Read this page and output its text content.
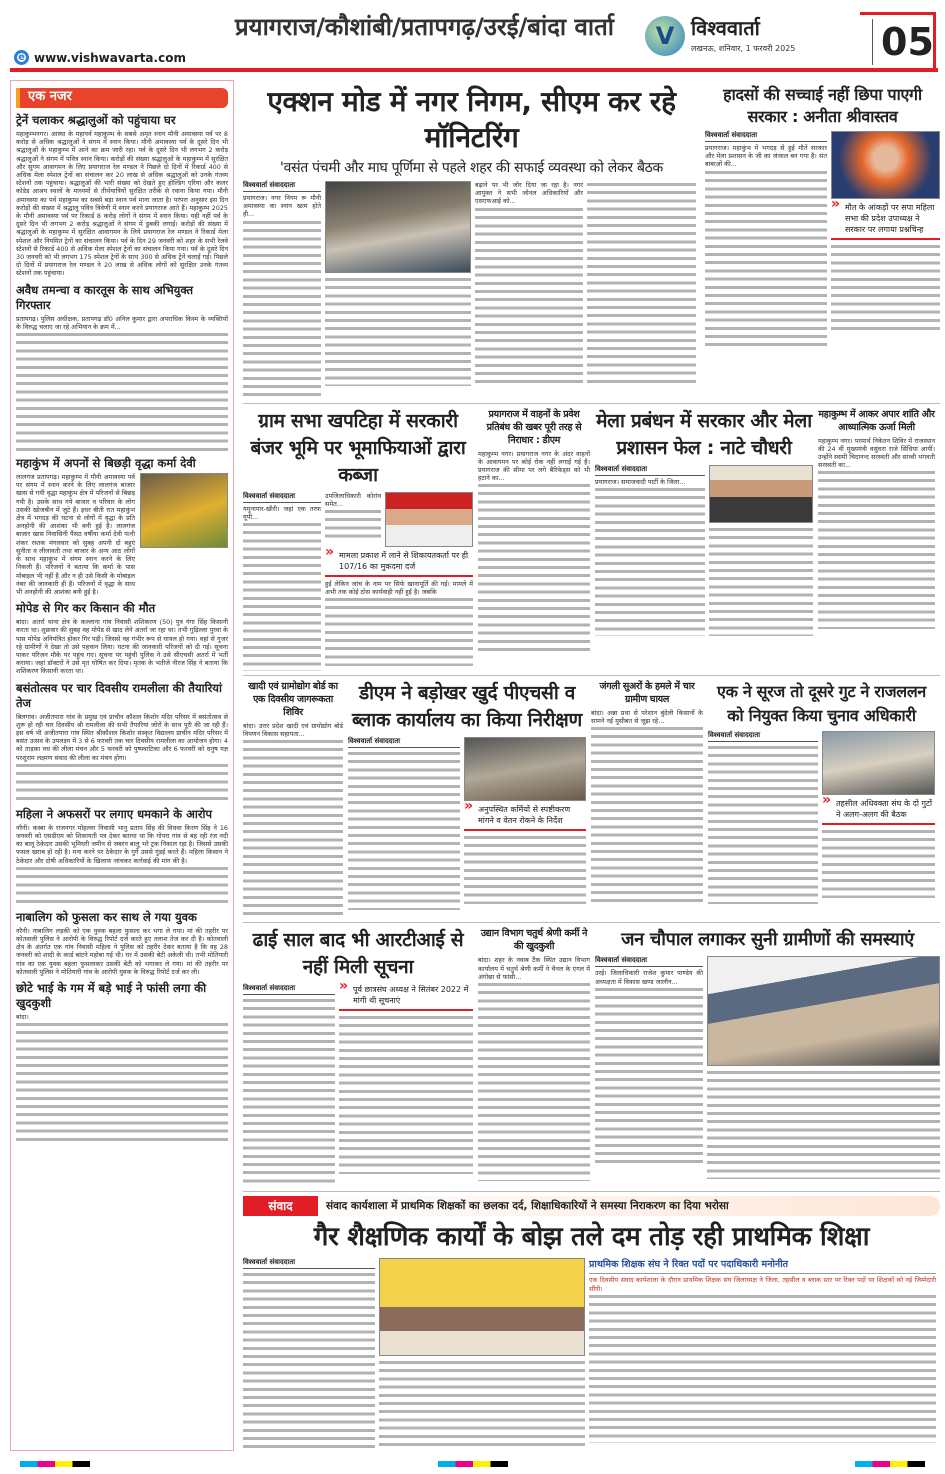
प्रयागराज/कौशांबी/प्रतापगढ़/उरई/बांदा वार्ता
e www.vishwavarta.com
V विश्ववार्ता
लखनऊ, शनिवार, 1 फरवरी 2025 05
एक नजर
ट्रेनें चलाकर श्रद्धालुओं को पहुंचाया घर

महाकुम्भनगर। आस्था के महापर्व महाकुम्भ के सबसे अमृत स्नान मौनी अमावस्या पर्व पर 8 करोड़ से अधिक श्रद्धालुओं ने संगम में स्नान किया। मौनी अमावस्या पर्व के दूसरे दिन भी श्रद्धालुओं के महाकुम्भ में आने का क्रम जारी रहा। पर्व के दूसरे दिन भी लगभग 2 करोड़ श्रद्धालुओं ने संगम में पवित्र स्नान किया। करोड़ों की संख्या श्रद्धालुओं के महाकुम्भ में सुरक्षित और सुगम आवागमन के लिए प्रयागराज रेल मण्डल ने पिछले दो दिनों में रिकार्ड 400 से अधिक मेला स्पेशल ट्रेनों का संचालन कर 20 लाख से अधिक श्रद्धालुओं को उनके गंतव्य स्टेशनों तक पहुंचाया। श्रद्धालुओं की भारी संख्या को देखते हुए होल्डिंग एरिया और कलर कोडेड आश्रय स्थलों के माध्यमों से तीर्थयात्रियों सुरक्षित तरीके से रवाना किया गया। मौनी अमावस्या का पर्व महाकुम्भ का सबसे बड़ा स्नान पर्व माना जाता है। परंपरा अनुसार इस दिन करोड़ों की संख्या में श्रद्धालु पवित्र त्रिवेणी में स्नान करने प्रयागराज आते हैं। महाकुम्भ 2025 के मौनी अमावस्या पर्व पर रिकार्ड 8 करोड़ लोगों ने संगम में स्नान किया। यही नहीं पर्व के दूसरे दिन भी लगभग 2 करोड़ श्रद्धालुओं ने संगम में डुबकी लगाई। करोड़ों की संख्या में श्रद्धालुओं के महाकुम्भ में सुरक्षित आवागमन के लिये प्रयागराज रेल मण्डल ने रिकार्ड मेला स्पेशल और नियमित ट्रेनों का संचालन किया। पर्व के दिन 29 जनवरी को शहर के सभी रेलवे स्टेशनों से रिकार्ड 400 से अधिक मेला स्पेशल ट्रेनों का संचालन किया गया। पर्व के दूसरे दिन 30 जनवरी को भी लगभग 175 स्पेशल ट्रेनों के साथ 300 से अधिक ट्रेनें चलाई गईं। पिछले दो दिनों में प्रयागराज रेल मण्डल ने 20 लाख से अधिक लोगों को सुरक्षित उनके गंतव्य स्टेशनों तक पहुंचाया।

अवैध तमन्चा व कारतूस के साथ अभियुक्त गिरफ्तार

प्रतापगढ़। पुलिस अधीक्षक, प्रतापगढ़ डॉ0 अनिल कुमार द्वारा अपराधिक किस्म के व्यक्तियों के विरुद्ध चलाए जा रहे अभियान के क्रम में...

महाकुंभ में अपनों से बिछड़ी वृद्धा कर्मा देवी

लालगंज प्रतापगढ़। महाकुम्भ में मौनी अमावस्या पर्व पर संगम में स्नान करने के लिए लालगंज बाजार खास से गयी वृद्धा महाकुंभ क्षेत्र में परिजनों से बिछड़ गयी है। उसके साथ गये बाजार व परिवार के लोग उसकी खोजबीन में जुटे हैं। इधर बीती रात महाकुंभ क्षेत्र में भगदड़ की घटना से लोगों में वृद्धा के प्रति अनहोनी की आशंका भी बनी हुई है। लालगंज बाजार खास निवासिनी पैंसठ वर्षीया कर्मा देवी पत्नी शंकर रस्तक मंगलवार को सुबह अपनी दो बहुएं सुनीता व लीलावती तथा बाजार के अन्य आठ लोगों के साथ महाकुंभ में संगम स्नान करने के लिए निकली हैं। परिजनों ने बताया कि कर्मा के पास मोबाइल भी नहीं है और न ही उसे किसी के मोबाइल नंबर की जानकारी ही है। परिजनों में वृद्धा के साथ भी अनहोनी की आशंका बनी हुई है।

मोपेड से गिर कर किसान की मौत

बांदा। अतर्रा थाना क्षेत्र के कल्लाना गांव निवासी शशिकरण (50) पुत्र गंगा सिंह किसानी करता था। शुक्रवार की सुबह वह मोपेड से खाद लेने अतर्रा जा रहा था। तभी गुढ़िल्ला पुरवा के पास मोपेड अनियंत्रित होकर गिर पड़ी। जिससे वह गंभीर रूप से घायल हो गया। वहां से गुजर रहे ग्रामीणों ने देखा तो उसे पहचान लिया। घटना की जानकारी परिजनों को दी गई। सूचना पाकर परिजन मौके पर पहुंच गए। सूचना पर पहुंची पुलिस ने उसे सीएचसी अतर्रा में भर्ती कराया। जहां डॉक्टरों ने उसे मृत घोषित कर दिया। मृतक के भतीजे नीरज सिंह ने बताया कि शशिकरण किसानी करता था।

बसंतोत्सव पर चार दिवसीय रामलीला की तैयारियां तेज

बिलगांव। अजीतपारा गांव के प्रमुख एवं प्राचीन कौशल किशोर मंदिर परिसर में बसंतोत्सव से शुरू हो रही चार दिवसीय श्री रामलीला की सभी तैयारियां जोरों के साथ पूरी की जा रही हैं। इस वर्ष भी अजीतपारा गांव स्थित श्रीकौशल किशोर संस्कृत विद्यालय प्राचीन मंदिर परिसर में बसंत उत्सव के उपलक्ष्य में 3 से 6 फरवरी तक चार दिवसीय रामलीला का आयोजन होगा। 4 को ताड़का वध की लीला मंचन और 5 फरवरी को पुष्पवाटिका और 6 फरवरी को धनुष यज्ञ परशुराम लक्ष्मण संवाद की लीला का मंचन होगा।

महिला ने अफसरों पर लगाए धमकाने के आरोप

नरैनी। कस्बा के राजनगर मोहल्ला निवासी भानु प्रताप सिंह की विधवा किरण सिंह ने 16 जनवरी को एसडीएम को शिकायती पत्र देकर बताया था कि गोपरा गांव से बह रही रंज नदी का बालू ठेकेदार उसकी भूमिधरी जमीन से जबरन बालू भरे ट्रक निकाल रहा है। जिससे उसकी फसल खराब हो रही है। मना करने पर ठेकेदार के गुर्गे उससे गुंडई करते हैं। महिला किसान ने ठेकेदार और दोषी अधिकारियों के खिलाफ जांचकर कार्रवाई की मांग की है।

नाबालिग को फुसला कर साथ ले गया युवक

नरैनी। नाबालिग लड़की को एक युवक बहला फुसला कर भगा ले गया। मां की तहरीर पर कोतवाली पुलिस ने आरोपी के विरुद्ध रिपोर्ट दर्ज करते हुए तलाश तेज कर दी है। कोतवाली क्षेत्र के अंतर्गत एक गांव निवासी महिला ने पुलिस को तहरीर देकर बताया है कि वह 28 जनवरी को शादी के कार्ड बांटने महोबा गई थी। घर में उसकी बेटी अकेली थी। तभी मोतियारी गांव का एक युवक बहला फुसलाकर उसकी बेटी को भगाकर ले गया। मां की तहरीर पर कोतवाली पुलिस ने मोतियारी गांव के आरोपी युवक के विरुद्ध रिपोर्ट दर्ज कर ली।

छोटे भाई के गम में बड़े भाई ने फांसी लगा की खुदकुशी

बांदा।

एक्शन मोड में नगर निगम, सीएम कर रहे मॉनिटरिंग
'वसंत पंचमी और माघ पूर्णिमा से पहले शहर की सफाई व्यवस्था को लेकर बैठक
विश्ववार्ता संवाददाता

प्रयागराज। नगर निगम रू मौनी अमावस्या का स्नान खत्म होते ही...

बढ़ाने पर भी जोर दिया जा रहा है। नगर आयुक्त ने सभी जोनल अधिकारियों और एसएफआई को...

हादसों की सच्चाई नहीं छिपा पाएगी सरकार : अनीता श्रीवास्तव
विश्ववार्ता संवाददाता

प्रयागराज। महाकुंभ में भगदड़ से हुई मौतें सरकार और मेला प्रशासन के जी का जंजाल बन गया है। संत बाबाओं की...

» मौत के आंकड़ों पर सपा महिला सभा की प्रदेश उपाध्यक्ष ने सरकार पर लगाया प्रश्नचिन्ह
ग्राम सभा खपटिहा में सरकारी बंजर भूमि पर भूमाफियाओं द्वारा कब्जा
विश्ववार्ता संवाददाता

यमुनापार-खीरी। जहां एक तरफ यूपी...

उपजिलाधिकारी कोरांव समेत...

» मामला प्रकाश में लाने से शिकायतकर्ता पर ही 107/16 का मुकदमा दर्ज

हुई लेकिन जांच के नाम पर सिर्फ खानापूर्ति की गई। मामले में अभी तक कोई ठोस कार्यवाही नहीं हुई है। जबकि

प्रयागराज में वाहनों के प्रवेश प्रतिबंध की खबर पूरी तरह से निराधार : डीएम

महाकुम्भ नगर। प्रयागराज नगर के अंदर वाहनों के आवागमन पर कोई रोक नहीं लगाई गई है। प्रयागराज की सीमा पर लगे बैरिकेड्स को भी हटाने का...

मेला प्रबंधन में सरकार और मेला प्रशासन फेल : नाटे चौधरी
विश्ववार्ता संवाददाता

प्रयागराज। समाजवादी पार्टी के जिला...

महाकुम्भ में आकर अपार शांति और आध्यात्मिक ऊर्जा मिली

महाकुम्भ नगर। परमार्थ निकेतन शिविर में राजस्थान की 24 वीं मुख्यमंत्री वसुंधरा राजे सिंधिया आयीं। उन्होंने स्वामी चिदानन्द सरस्वती और साध्वी भगवती सरस्वती का...

खादी एवं ग्रामोद्योग बोर्ड का एक दिवसीय जागरूकता शिविर

बांदा। उत्तर प्रदेश खादी एवं ग्रामोद्योग बोर्ड विपणन विकास सहायता...

डीएम ने बड़ोखर खुर्द पीएचसी व ब्लाक कार्यालय का किया निरीक्षण
विश्ववार्ता संवाददाता
» अनुपस्थित कर्मियों से स्पष्टीकरण मांगने व वेतन रोकने के निर्देश
जंगली सुअरों के हमले में चार ग्रामीण घायल

बांदा। अन्ना प्रथा से परेशान बुंदेली किसानों के सामने नई मुसीबत से जूझ रहे...

एक ने सूरज तो दूसरे गुट ने राजललन को नियुक्त किया चुनाव अधिकारी
विश्ववार्ता संवाददाता
» तहसील अधिवक्ता संघ के दो गुटों ने अलग-अलग की बैठक
ढाई साल बाद भी आरटीआई से नहीं मिली सूचना
विश्ववार्ता संवाददाता	» पूर्व छात्रसंघ अध्यक्ष ने सितंबर 2022 में मांगी थी सूचनाएं
उद्यान विभाग चतुर्थ श्रेणी कर्मी ने की खुदकुशी

बांदा। शहर के नवाब टैंक स्थित उद्यान विभाग कार्यालय में चतुर्थ श्रेणी कर्मी ने चैनल के एंगल में अंगोछा से फांसी...

जन चौपाल लगाकर सुनी ग्रामीणों की समस्याएं
विश्ववार्ता संवाददाता

उरई। जिलाधिकारी राजेश कुमार पाण्डेय की अध्यक्षता में विकास खण्ड जालौन...

संवाद	संवाद कार्यशाला में प्राथमिक शिक्षकों का छलका दर्द, शिक्षाधिकारियों ने समस्या निराकरण का दिया भरोसा
गैर शैक्षणिक कार्यों के बोझ तले दम तोड़ रही प्राथमिक शिक्षा
विश्ववार्ता संवाददाता	प्राथमिक शिक्षक संघ ने रिक्त पदों पर पदाधिकारी मनोनीत

एक दिवसीय संवाद कार्यशाला के दौरान प्राथमिक शिक्षक संघ जिलाध्यक्ष ने जिला, तहसील व ब्लाक स्तर पर रिक्त पदों पर शिक्षकों को नई जिम्मेदारी सौंपी।
